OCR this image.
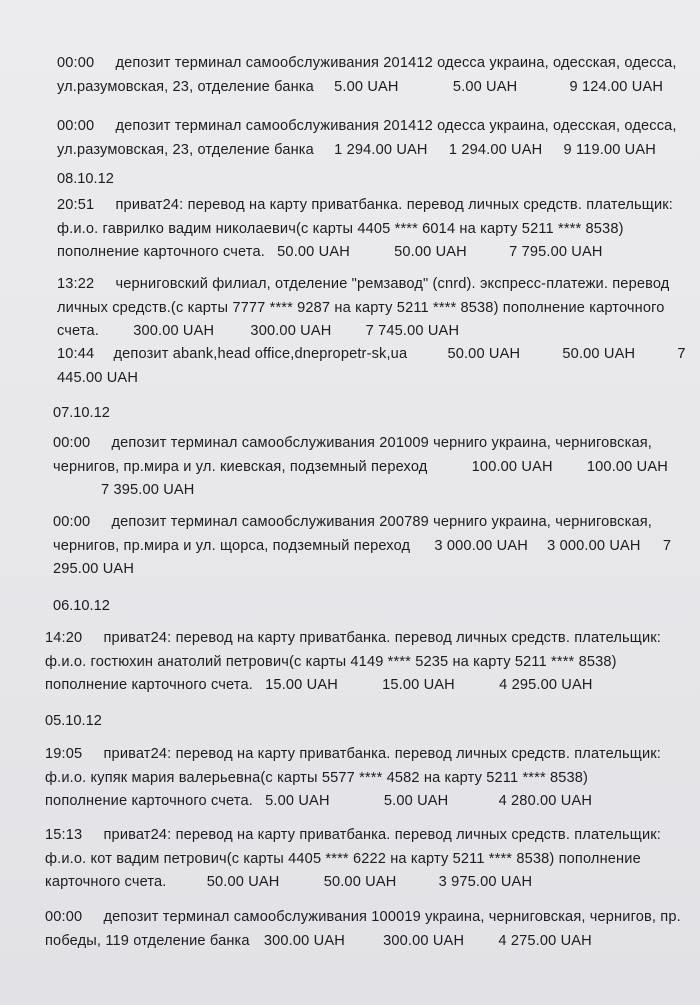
00:00 депозит терминал самообслуживания 201412 одесса украина, одесская, одесса,
ул.разумовская, 23, отделение банка 5.00 UAH	5.00 UAH	9 124.00 UAH
00:00 депозит терминал самообслуживания 201412 одесса украина, одесская, одесса,
ул.разумовская, 23, отделение банка 1 294.00 UAH 1 294.00 UAH 9 119.00 UAH
08.10.12
20:51 приват24: перевод на карту приватбанка. перевод личных средств. плательщик:
ф.и.о. гаврилко вадим николаевич(с карты 4405 **** 6014 на карту 5211 **** 8538)
пополнение карточного счета. 50.00 UAH	50.00 UAH	7 795.00 UAH
13:22 черниговский филиал, отделение "ремзавод" (cnrd). экспресс-платежи. перевод
личных средств.(с карты 7777 **** 9287 на карту 5211 **** 8538) пополнение карточного
счета. 300.00 UAH 300.00 UAH 7 745.00 UAH
10:44 депозит abank,head office,dnepropetr-sk,ua	50.00 UAH	50.00 UAH	7
445.00 UAH
07.10.12
00:00 депозит терминал самообслуживания 201009 черниго украина, черниговская,
чернигов, пр.мира и ул. киевская, подземный переход	100.00 UAH 100.00 UAH
7 395.00 UAH
00:00 депозит терминал самообслуживания 200789 черниго украина, черниговская,
чернигов, пр.мира и ул. щорса, подземный переход 3 000.00 UAH 3 000.00 UAH 7
295.00 UAH
06.10.12
14:20 приват24: перевод на карту приватбанка. перевод личных средств. плательщик:
ф.и.о. гостюхин анатолий петрович(с карты 4149 **** 5235 на карту 5211 **** 8538)
пополнение карточного счета. 15.00 UAH	15.00 UAH	4 295.00 UAH
05.10.12
19:05 приват24: перевод на карту приватбанка. перевод личных средств. плательщик:
ф.и.о. купяк мария валерьевна(с карты 5577 **** 4582 на карту 5211 **** 8538)
пополнение карточного счета. 5.00 UAH	5.00 UAH	4 280.00 UAH
15:13 приват24: перевод на карту приватбанка. перевод личных средств. плательщик:
ф.и.о. кот вадим петрович(с карты 4405 **** 6222 на карту 5211 **** 8538) пополнение
карточного счета.	50.00 UAH	50.00 UAH	3 975.00 UAH
00:00 депозит терминал самообслуживания 100019 украина, черниговская, чернигов, пр.
победы, 119 отделение банка 300.00 UAH	300.00 UAH 4 275.00 UAH
